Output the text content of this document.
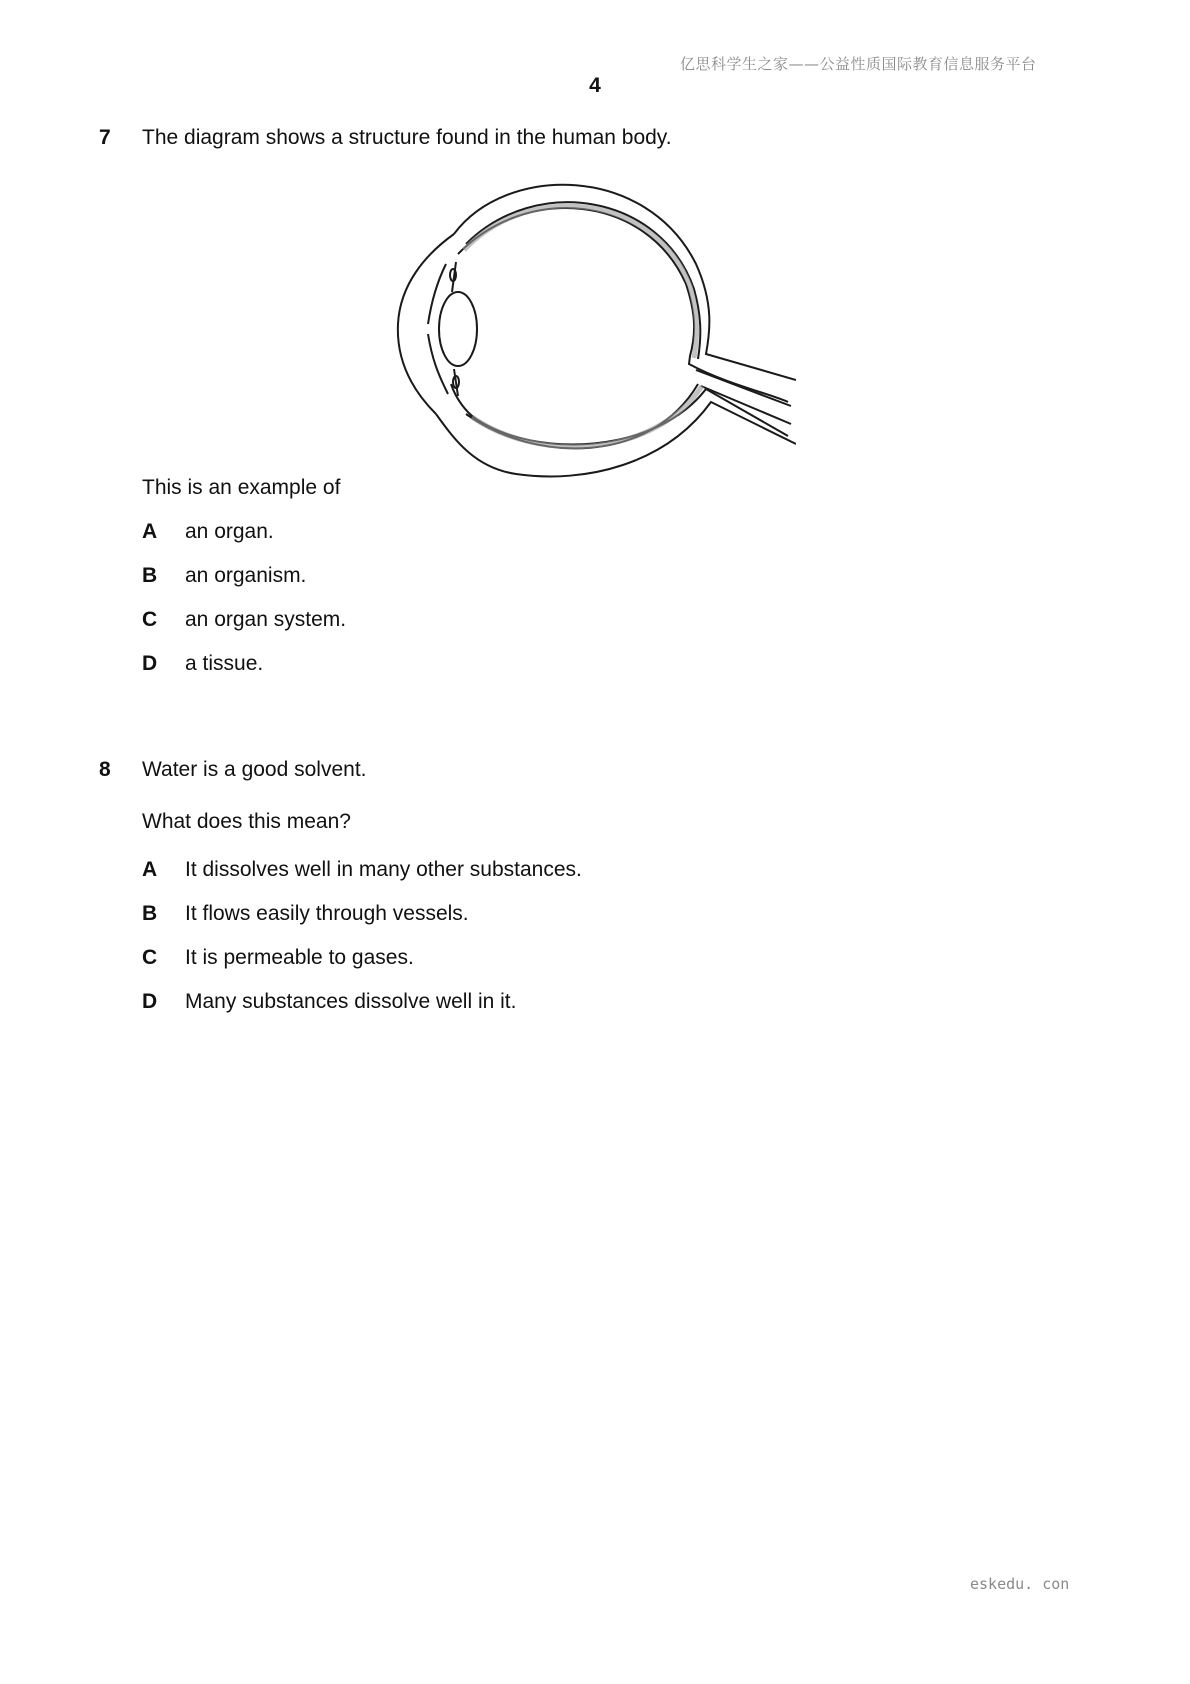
亿思科学生之家——公益性质国际教育信息服务平台
4
7 The diagram shows a structure found in the human body.
This is an example of
A an organ.
B an organism.
C an organ system.
D a tissue.
8 Water is a good solvent.
What does this mean?
A It dissolves well in many other substances.
B It flows easily through vessels.
C It is permeable to gases.
D Many substances dissolve well in it.
eskedu. con
